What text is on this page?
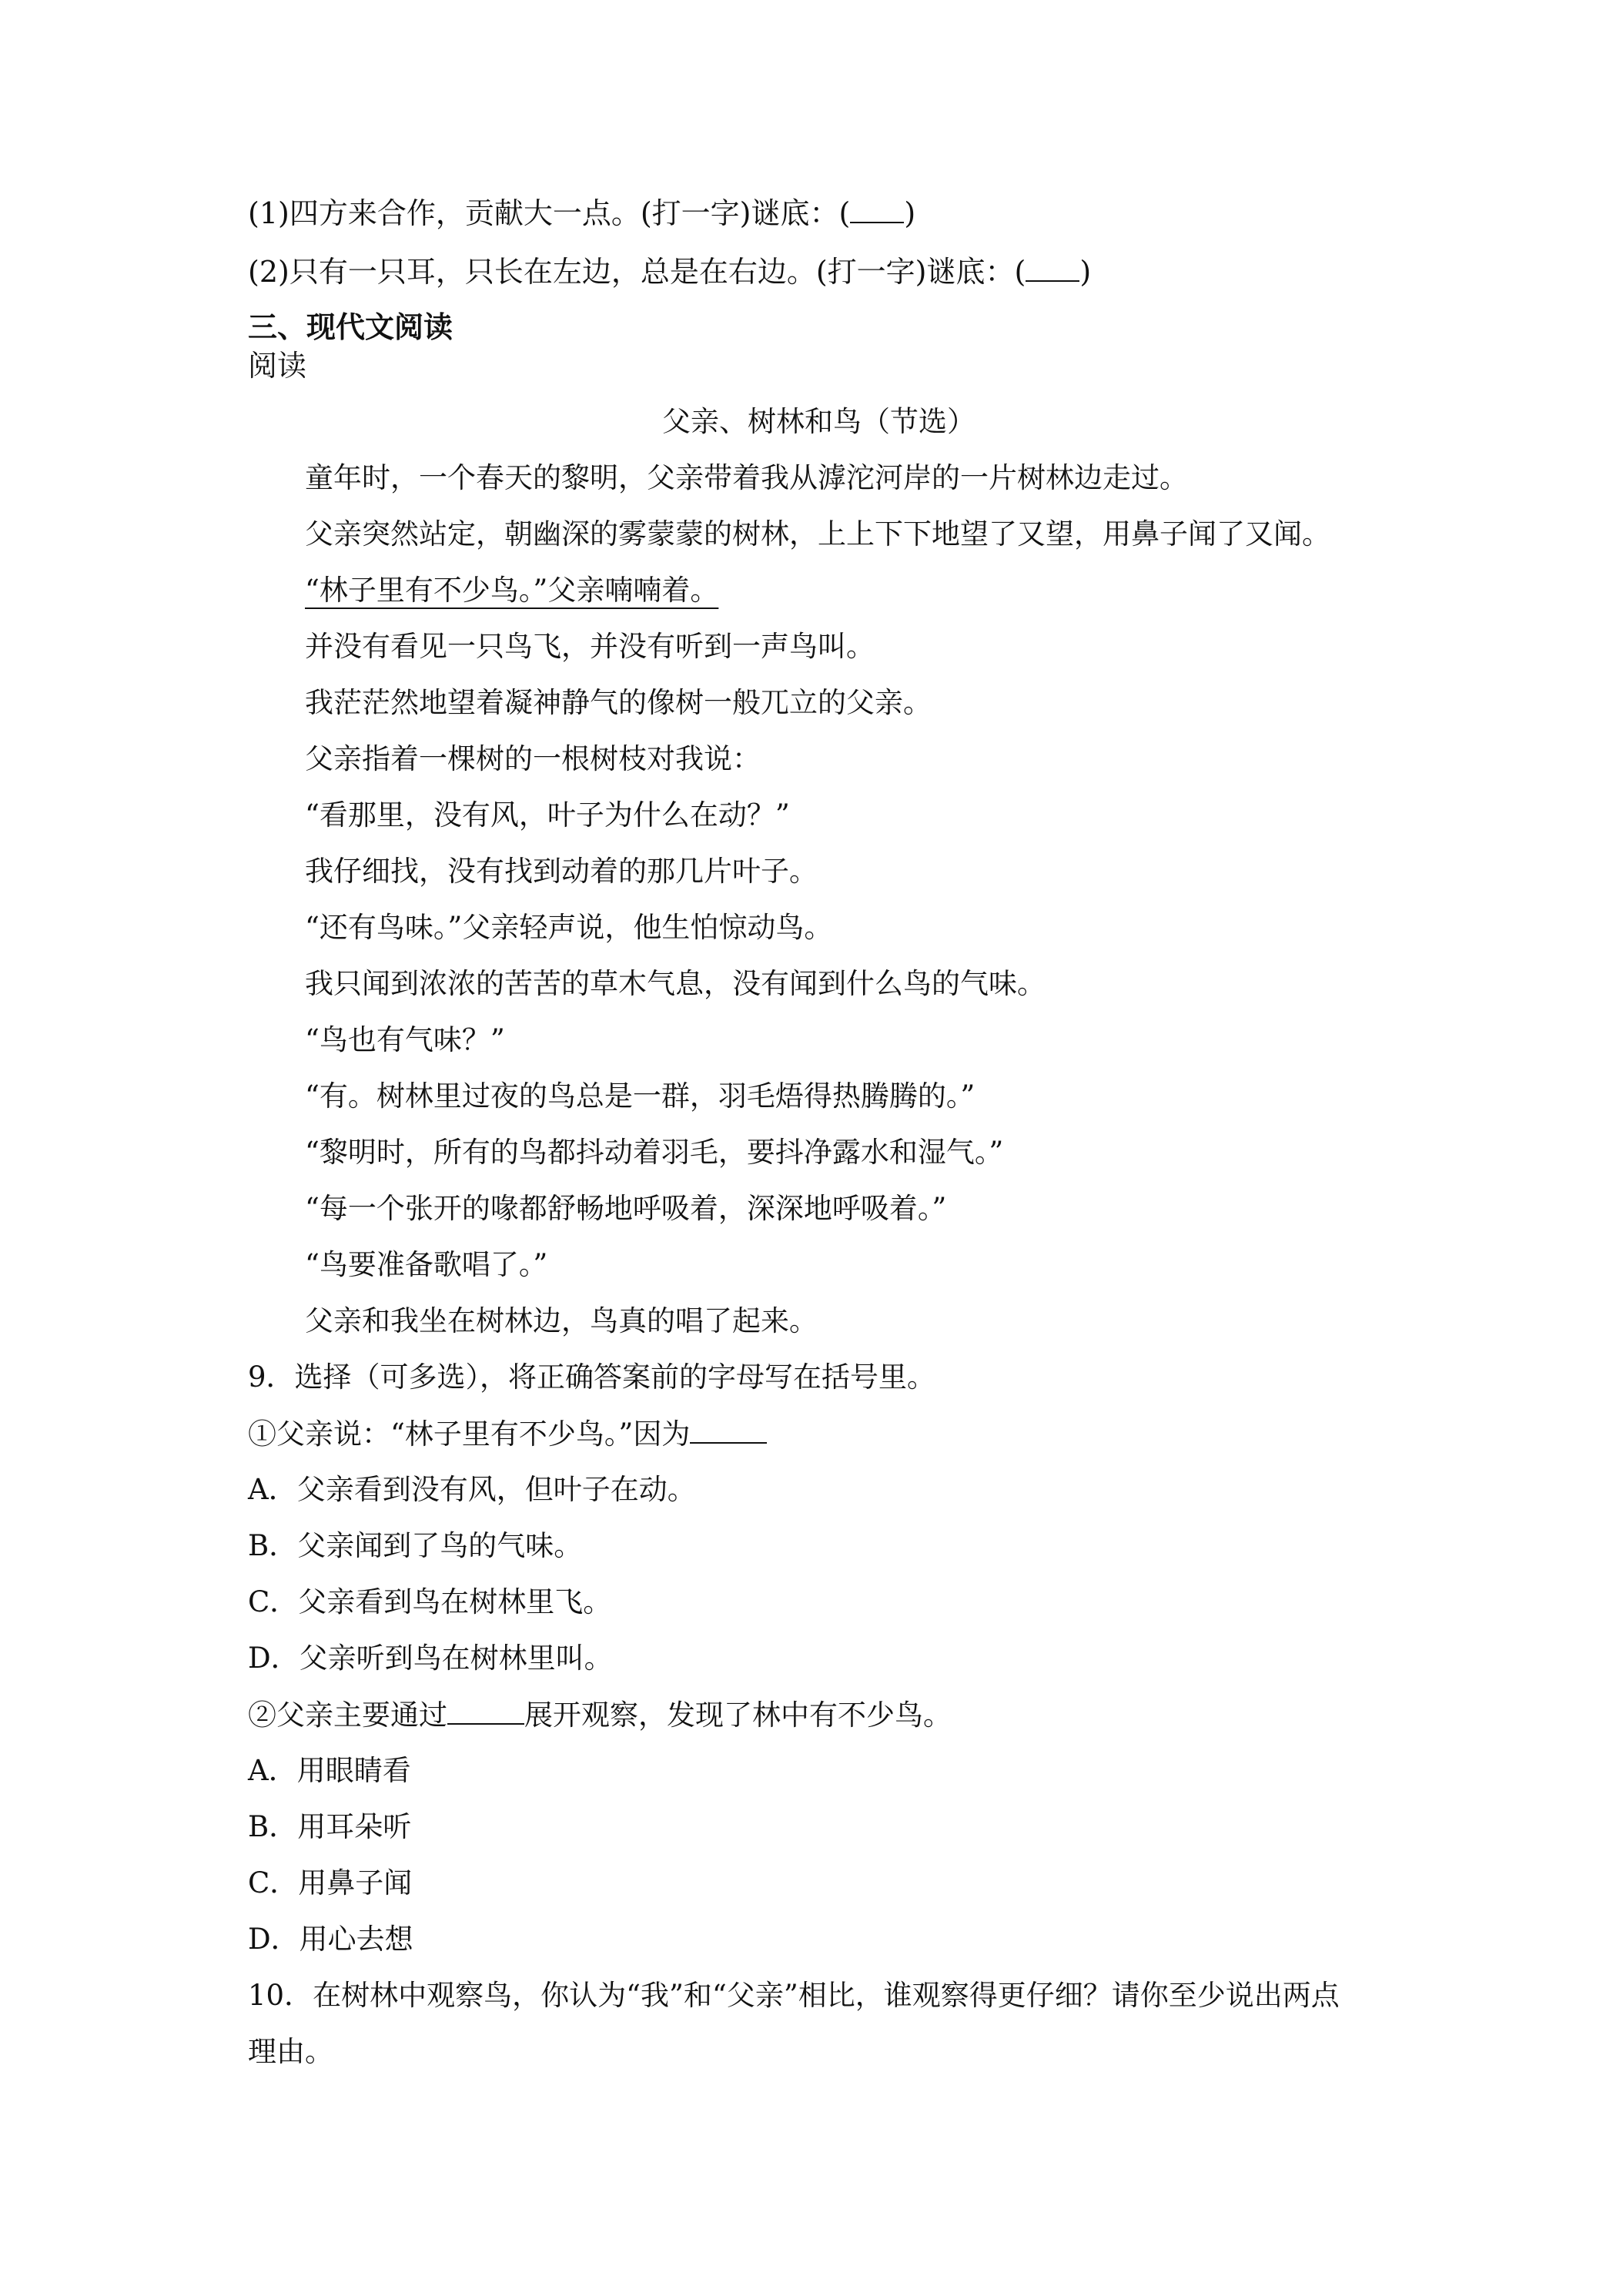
(1)四方来合作，贡献大一点。(打一字)谜底：( )
(2)只有一只耳，只长在左边，总是在右边。(打一字)谜底：( )
三、现代文阅读
阅读
父亲、树林和鸟（节选）
童年时，一个春天的黎明，父亲带着我从滹沱河岸的一片树林边走过。
父亲突然站定，朝幽深的雾蒙蒙的树林，上上下下地望了又望，用鼻子闻了又闻。
“林子里有不少鸟。”父亲喃喃着。
并没有看见一只鸟飞，并没有听到一声鸟叫。
我茫茫然地望着凝神静气的像树一般兀立的父亲。
父亲指着一棵树的一根树枝对我说：
“看那里，没有风，叶子为什么在动？”
我仔细找，没有找到动着的那几片叶子。
“还有鸟味。”父亲轻声说，他生怕惊动鸟。
我只闻到浓浓的苦苦的草木气息，没有闻到什么鸟的气味。
“鸟也有气味？”
“有。树林里过夜的鸟总是一群，羽毛焐得热腾腾的。”
“黎明时，所有的鸟都抖动着羽毛，要抖净露水和湿气。”
“每一个张开的喙都舒畅地呼吸着，深深地呼吸着。”
“鸟要准备歌唱了。”
父亲和我坐在树林边，鸟真的唱了起来。
9．选择（可多选），将正确答案前的字母写在括号里。
①父亲说：“林子里有不少鸟。”因为
A．父亲看到没有风，但叶子在动。
B．父亲闻到了鸟的气味。
C．父亲看到鸟在树林里飞。
D．父亲听到鸟在树林里叫。
②父亲主要通过	展开观察，发现了林中有不少鸟。
A．用眼睛看
B．用耳朵听
C．用鼻子闻
D．用心去想
10．在树林中观察鸟，你认为“我”和“父亲”相比，谁观察得更仔细？请你至少说出两点
理由。
